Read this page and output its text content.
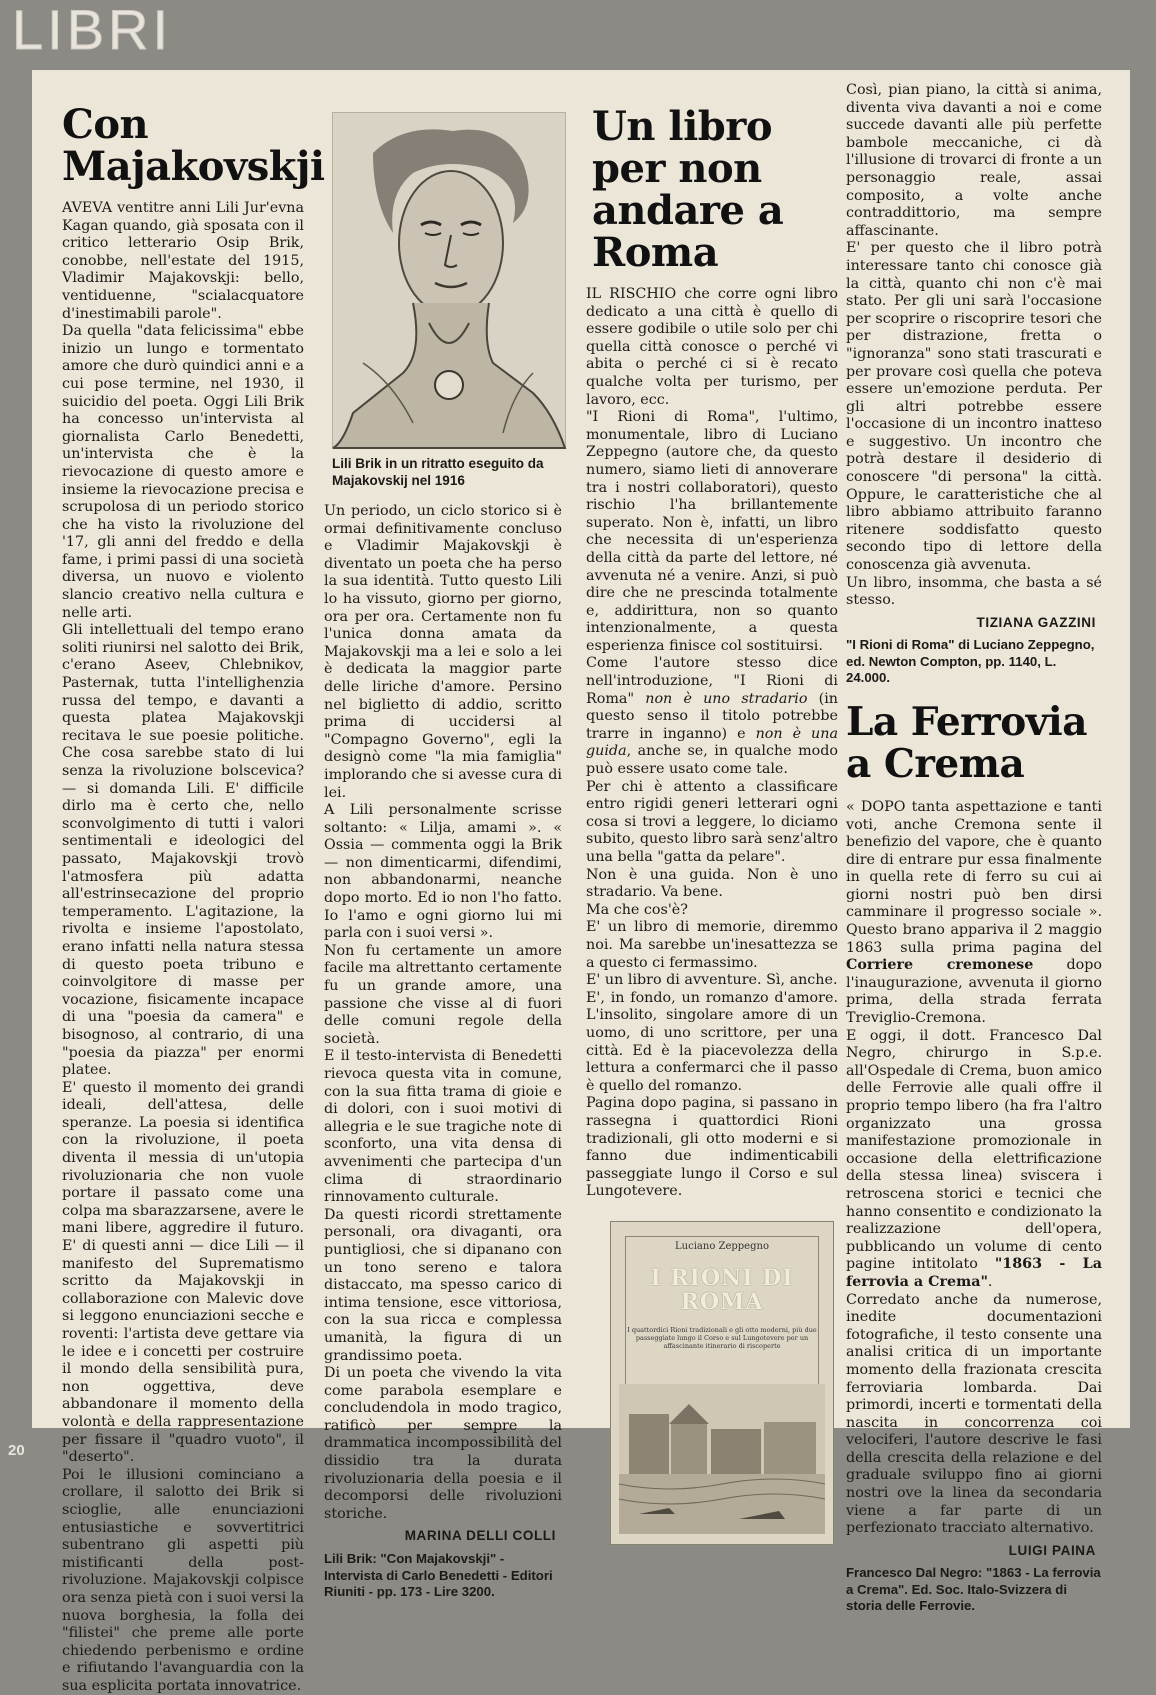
LIBRI
Con Majakovskji

AVEVA ventitre anni Lili Jur'evna Kagan quando, già sposata con il critico letterario Osip Brik, conobbe, nell'estate del 1915, Vladimir Majakovskji: bello, ventiduenne, "scialacquatore d'inestimabili parole".

Da quella "data felicissima" ebbe inizio un lungo e tormentato amore che durò quindici anni e a cui pose termine, nel 1930, il suicidio del poeta. Oggi Lili Brik ha concesso un'intervista al giornalista Carlo Benedetti, un'intervista che è la rievocazione di questo amore e insieme la rievocazione precisa e scrupolosa di un periodo storico che ha visto la rivoluzione del '17, gli anni del freddo e della fame, i primi passi di una società diversa, un nuovo e violento slancio creativo nella cultura e nelle arti.

Gli intellettuali del tempo erano soliti riunirsi nel salotto dei Brik, c'erano Aseev, Chlebnikov, Pasternak, tutta l'intellighenzia russa del tempo, e davanti a questa platea Majakovskji recitava le sue poesie politiche. Che cosa sarebbe stato di lui senza la rivoluzione bolscevica? — si domanda Lili. E' difficile dirlo ma è certo che, nello sconvolgimento di tutti i valori sentimentali e ideologici del passato, Majakovskji trovò l'atmosfera più adatta all'estrinsecazione del proprio temperamento. L'agitazione, la rivolta e insieme l'apostolato, erano infatti nella natura stessa di questo poeta tribuno e coinvolgitore di masse per vocazione, fisicamente incapace di una "poesia da camera" e bisognoso, al contrario, di una "poesia da piazza" per enormi platee.

E' questo il momento dei grandi ideali, dell'attesa, delle speranze. La poesia si identifica con la rivoluzione, il poeta diventa il messia di un'utopia rivoluzionaria che non vuole portare il passato come una colpa ma sbarazzarsene, avere le mani libere, aggredire il futuro. E' di questi anni — dice Lili — il manifesto del Suprematismo scritto da Majakovskji in collaborazione con Malevic dove si leggono enunciazioni secche e roventi: l'artista deve gettare via le idee e i concetti per costruire il mondo della sensibilità pura, non oggettiva, deve abbandonare il momento della volontà e della rappresentazione per fissare il "quadro vuoto", il "deserto".

Poi le illusioni cominciano a crollare, il salotto dei Brik si scioglie, alle enunciazioni entusiastiche e sovvertitrici subentrano gli aspetti più mistificanti della post-rivoluzione. Majakovskji colpisce ora senza pietà con i suoi versi la nuova borghesia, la folla dei "filistei" che preme alle porte chiedendo perbenismo e ordine e rifiutando l'avanguardia con la sua esplicita portata innovatrice.

Lili Brik in un ritratto eseguito da Majakovskij nel 1916

Un periodo, un ciclo storico si è ormai definitivamente concluso e Vladimir Majakovskji è diventato un poeta che ha perso la sua identità. Tutto questo Lili lo ha vissuto, giorno per giorno, ora per ora. Certamente non fu l'unica donna amata da Majakovskji ma a lei e solo a lei è dedicata la maggior parte delle liriche d'amore. Persino nel biglietto di addio, scritto prima di uccidersi al "Compagno Governo", egli la designò come "la mia famiglia" implorando che si avesse cura di lei.

A Lili personalmente scrisse soltanto: « Lilja, amami ». « Ossia — commenta oggi la Brik — non dimenticarmi, difendimi, non abbandonarmi, neanche dopo morto. Ed io non l'ho fatto. Io l'amo e ogni giorno lui mi parla con i suoi versi ».

Non fu certamente un amore facile ma altrettanto certamente fu un grande amore, una passione che visse al di fuori delle comuni regole della società.

E il testo-intervista di Benedetti rievoca questa vita in comune, con la sua fitta trama di gioie e di dolori, con i suoi motivi di allegria e le sue tragiche note di sconforto, una vita densa di avvenimenti che partecipa d'un clima di straordinario rinnovamento culturale.

Da questi ricordi strettamente personali, ora divaganti, ora puntigliosi, che si dipanano con un tono sereno e talora distaccato, ma spesso carico di intima tensione, esce vittoriosa, con la sua ricca e complessa umanità, la figura di un grandissimo poeta.

Di un poeta che vivendo la vita come parabola esemplare e concludendola in modo tragico, ratificò per sempre la drammatica incompossibilità del dissidio tra la durata rivoluzionaria della poesia e il decomporsi delle rivoluzioni storiche.

MARINA DELLI COLLI
Lili Brik: "Con Majakovskji" - Intervista di Carlo Benedetti - Editori Riuniti - pp. 173 - Lire 3200.
Un libro per non andare a Roma

IL RISCHIO che corre ogni libro dedicato a una città è quello di essere godibile o utile solo per chi quella città conosce o perché vi abita o perché ci si è recato qualche volta per turismo, per lavoro, ecc.

"I Rioni di Roma", l'ultimo, monumentale, libro di Luciano Zeppegno (autore che, da questo numero, siamo lieti di annoverare tra i nostri collaboratori), questo rischio l'ha brillantemente superato. Non è, infatti, un libro che necessita di un'esperienza della città da parte del lettore, né avvenuta né a venire. Anzi, si può dire che ne prescinda totalmente e, addirittura, non so quanto intenzionalmente, a questa esperienza finisce col sostituirsi.

Come l'autore stesso dice nell'introduzione, "I Rioni di Roma" non è uno stradario (in questo senso il titolo potrebbe trarre in inganno) e non è una guida, anche se, in qualche modo può essere usato come tale.

Per chi è attento a classificare entro rigidi generi letterari ogni cosa si trovi a leggere, lo diciamo subito, questo libro sarà senz'altro una bella "gatta da pelare".

Non è una guida. Non è uno stradario. Va bene.

Ma che cos'è?

E' un libro di memorie, diremmo noi. Ma sarebbe un'inesattezza se a questo ci fermassimo.

E' un libro di avventure. Sì, anche.

E', in fondo, un romanzo d'amore. L'insolito, singolare amore di un uomo, di uno scrittore, per una città. Ed è la piacevolezza della lettura a confermarci che il passo è quello del romanzo.

Pagina dopo pagina, si passano in rassegna i quattordici Rioni tradizionali, gli otto moderni e si fanno due indimenticabili passeggiate lungo il Corso e sul Lungotevere.

Luciano Zeppegno
I RIONI DI ROMA
I quattordici Rioni tradizionali e gli otto moderni, più due passeggiate lungo il Corso e sul Lungotevere per un affascinante itinerario di riscoperte

Così, pian piano, la città si anima, diventa viva davanti a noi e come succede davanti alle più perfette bambole meccaniche, ci dà l'illusione di trovarci di fronte a un personaggio reale, assai composito, a volte anche contraddittorio, ma sempre affascinante.

E' per questo che il libro potrà interessare tanto chi conosce già la città, quanto chi non c'è mai stato. Per gli uni sarà l'occasione per scoprire o riscoprire tesori che per distrazione, fretta o "ignoranza" sono stati trascurati e per provare così quella che poteva essere un'emozione perduta. Per gli altri potrebbe essere l'occasione di un incontro inatteso e suggestivo. Un incontro che potrà destare il desiderio di conoscere "di persona" la città. Oppure, le caratteristiche che al libro abbiamo attribuito faranno ritenere soddisfatto questo secondo tipo di lettore della conoscenza già avvenuta.

Un libro, insomma, che basta a sé stesso.

TIZIANA GAZZINI
"I Rioni di Roma" di Luciano Zeppegno, ed. Newton Compton, pp. 1140, L. 24.000.
La Ferrovia a Crema

« DOPO tanta aspettazione e tanti voti, anche Cremona sente il benefizio del vapore, che è quanto dire di entrare pur essa finalmente in quella rete di ferro su cui ai giorni nostri può ben dirsi camminare il progresso sociale ». Questo brano appariva il 2 maggio 1863 sulla prima pagina del Corriere cremonese dopo l'inaugurazione, avvenuta il giorno prima, della strada ferrata Treviglio-Cremona.

E oggi, il dott. Francesco Dal Negro, chirurgo in S.p.e. all'Ospedale di Crema, buon amico delle Ferrovie alle quali offre il proprio tempo libero (ha fra l'altro organizzato una grossa manifestazione promozionale in occasione della elettrificazione della stessa linea) sviscera i retroscena storici e tecnici che hanno consentito e condizionato la realizzazione dell'opera, pubblicando un volume di cento pagine intitolato "1863 - La ferrovia a Crema".

Corredato anche da numerose, inedite documentazioni fotografiche, il testo consente una analisi critica di un importante momento della frazionata crescita ferroviaria lombarda. Dai primordi, incerti e tormentati della nascita in concorrenza coi velociferi, l'autore descrive le fasi della crescita della relazione e del graduale sviluppo fino ai giorni nostri ove la linea da secondaria viene a far parte di un perfezionato tracciato alternativo.

LUIGI PAINA
Francesco Dal Negro: "1863 - La ferrovia a Crema". Ed. Soc. Italo-Svizzera di storia delle Ferrovie.
20
